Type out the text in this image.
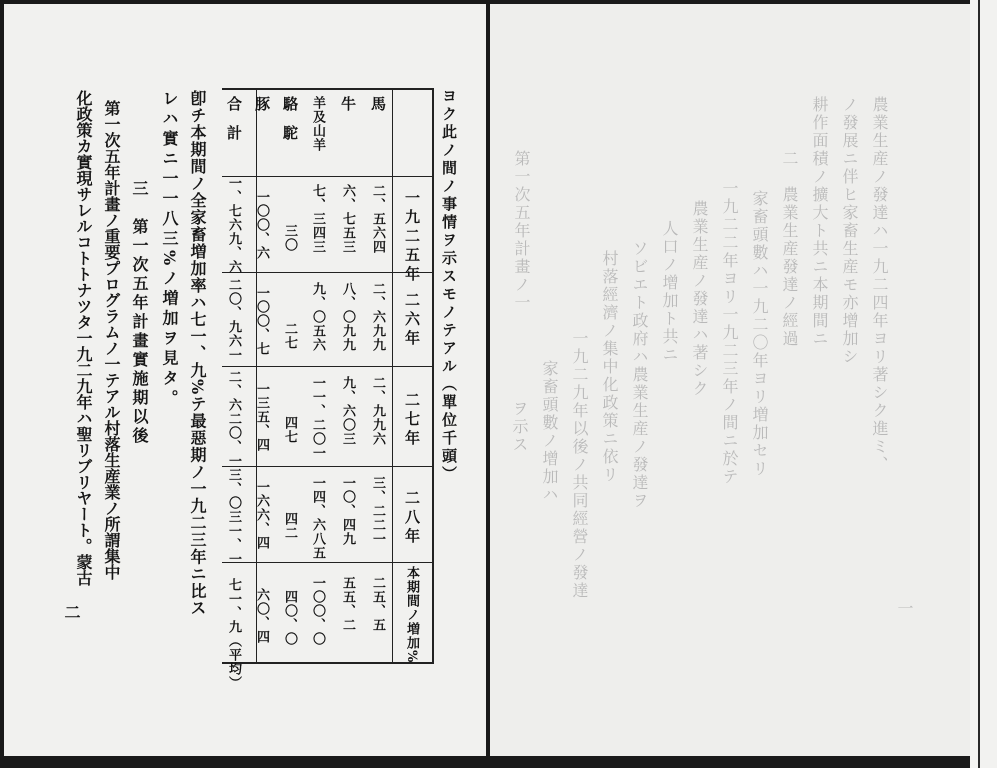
ヨク此ノ間ノ事情ヲ示スモノテアル（單位千頭）
一九二五年
二六年
二七年
二八年
本期間ノ増加%
馬
牛
羊及山羊
駱駝
豚
合計
二、五六四
二、六九九
二、九九六
三、二二一
二五、五
六、七五三
八、〇九九
九、六〇三
一〇、四九
五五、二
七、三四三
九、〇五六
一一、二〇一
一四、六八五
一〇〇、〇
三〇
二七
四七
四二
四〇、〇
一〇〇、六
一〇〇、七
一三五、四
一六六、四
六〇、四
一、七六九、六
二〇、九六一
二、六二〇、一
三、〇三一、一
七一、九（平均）
卽チ本期間ノ全家畜増加率ハ七一、九%テ最惡期ノ一九二三年ニ比ス
レハ實ニ一一八三%ノ増加ヲ見タ。
三　第一次五年計畫實施期以後
第一次五年計畫ノ重要プログラムノ一テアル村落生産業ノ所謂集中
化政策カ實現サレルコトトナツタ一九二九年ハ聖リブリヤート。蒙古
二
農業生産ノ發達ハ一九二四年ヨリ著シク進ミ、
ノ發展ニ伴ヒ家畜生産モ亦增加シ
耕作面積ノ擴大ト共ニ本期間ニ
二　農業生産發達ノ經過
家畜頭數ハ一九二〇年ヨリ増加セリ
一九二二年ヨリ一九二三年ノ間ニ於テ
農業生産ノ發達ハ著シク
人口ノ增加ト共ニ
ソビエト政府ハ農業生産ノ發達ヲ
村落經濟ノ集中化政策ニ依リ
一九二九年以後ノ共同經營ノ發達
家畜頭數ノ增加ハ
ヲ示ス
第一次五年計畫ノ一
一
